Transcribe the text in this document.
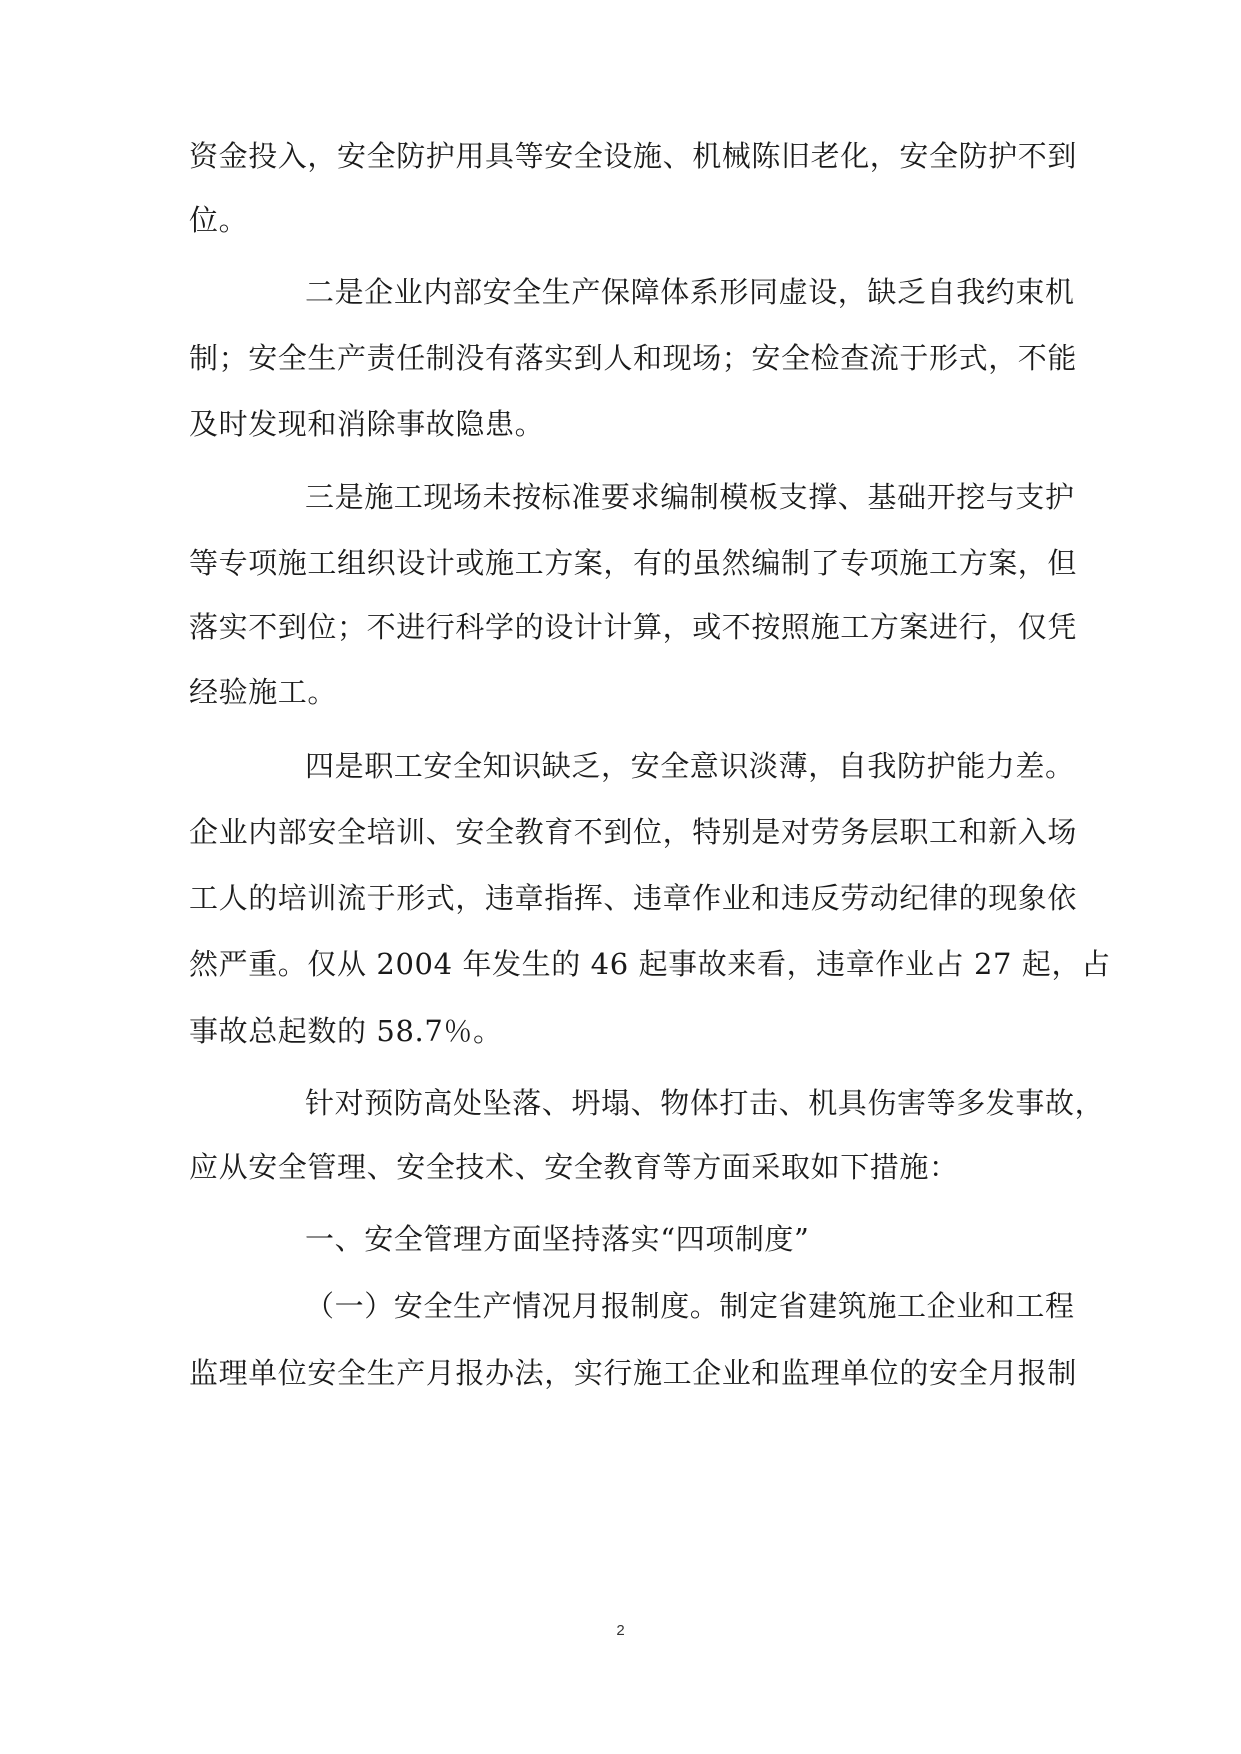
资金投入，安全防护用具等安全设施、机械陈旧老化，安全防护不到
位。
二是企业内部安全生产保障体系形同虚设，缺乏自我约束机
制；安全生产责任制没有落实到人和现场；安全检查流于形式，不能
及时发现和消除事故隐患。
三是施工现场未按标准要求编制模板支撑、基础开挖与支护
等专项施工组织设计或施工方案，有的虽然编制了专项施工方案，但
落实不到位；不进行科学的设计计算，或不按照施工方案进行，仅凭
经验施工。
四是职工安全知识缺乏，安全意识淡薄，自我防护能力差。
企业内部安全培训、安全教育不到位，特别是对劳务层职工和新入场
工人的培训流于形式，违章指挥、违章作业和违反劳动纪律的现象依
然严重。仅从 2004 年发生的 46 起事故来看，违章作业占 27 起，占
事故总起数的 58.7％。
针对预防高处坠落、坍塌、物体打击、机具伤害等多发事故，
应从安全管理、安全技术、安全教育等方面采取如下措施：
一、安全管理方面坚持落实“四项制度”
（一）安全生产情况月报制度。制定省建筑施工企业和工程
监理单位安全生产月报办法，实行施工企业和监理单位的安全月报制
2
